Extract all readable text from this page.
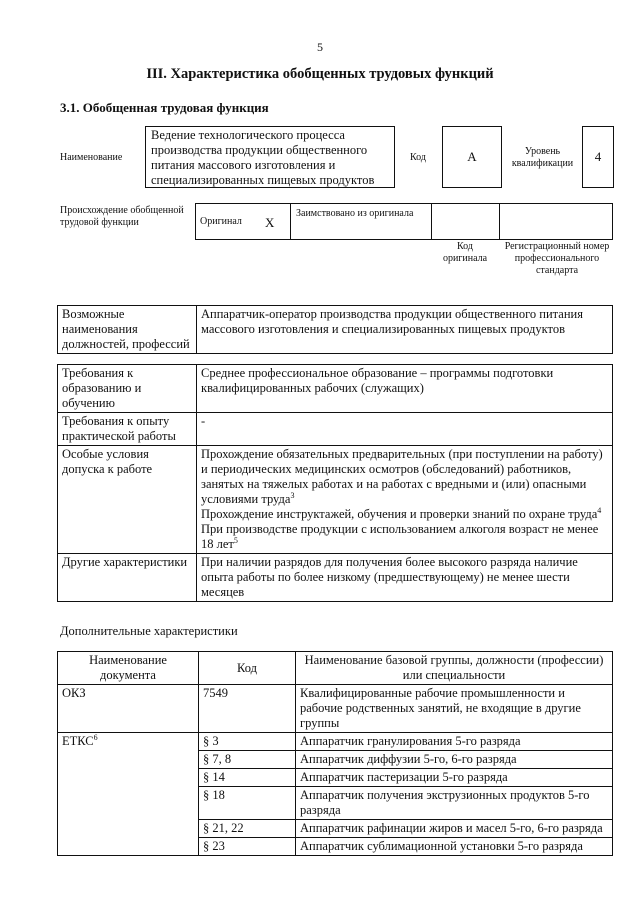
5
III. Характеристика обобщенных трудовых функций
3.1. Обобщенная трудовая функция
Наименование
Ведение технологического процесса производства продукции общественного питания массового изготовления и специализированных пищевых продуктов
Код	А	Уровень квалификации	4
Происхождение обобщенной трудовой функции	Оригинал X
Заимствовано из оригинала
Код оригинала
Регистрационный номер профессионального стандарта
Возможные наименования должностей, профессий	Аппаратчик-оператор производства продукции общественного питания массового изготовления и специализированных пищевых продуктов
Требования к образованию и обучению	Среднее профессиональное образование – программы подготовки квалифицированных рабочих (служащих)
Требования к опыту практической работы	-
Особые условия допуска к работе	Прохождение обязательных предварительных (при поступлении на работу) и периодических медицинских осмотров (обследований) работников, занятых на тяжелых работах и на работах с вредными и (или) опасными условиями труда$^3$
Прохождение инструктажей, обучения и проверки знаний по охране труда$^4$
При производстве продукции с использованием алкоголя возраст не менее 18 лет$^5$

Другие характеристики	При наличии разрядов для получения более высокого разряда наличие опыта работы по более низкому (предшествующему) не менее шести месяцев
Дополнительные характеристики
Наименование документа	Код	Наименование базовой группы, должности (профессии) или специальности
ОКЗ	7549	Квалифицированные рабочие промышленности и рабочие родственных занятий, не входящие в другие группы
ЕТКС$^6$	§ 3	Аппаратчик гранулирования 5-го разряда
	§ 7, 8	Аппаратчик диффузии 5-го, 6-го разряда
	§ 14	Аппаратчик пастеризации 5-го разряда
	§ 18	Аппаратчик получения экструзионных продуктов 5-го разряда
	§ 21, 22	Аппаратчик рафинации жиров и масел 5-го, 6-го разряда
	§ 23	Аппаратчик сублимационной установки 5-го разряда
